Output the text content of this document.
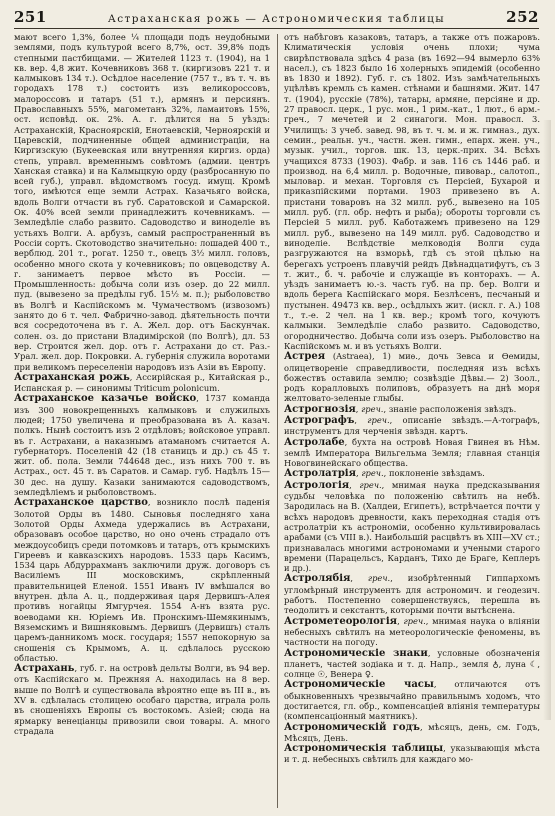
251	Астраханская рожь — Астрономическия таблицы	252

мают всего 1,3%, более ¼ площади подъ неудобными землями, подъ культурой всего 8,7%, ост. 39,8% подъ степными пастбищами. — Жителей 1123 т. (1904), на 1 кв. вер. 4,8 жит. Кочевниковъ 368 т. (киргизовъ 221 т. и калмыковъ 134 т.). Осѣдлое население (757 т., въ т. ч. въ городахъ 178 т.) состоитъ изъ великороссовъ, малороссовъ и татаръ (51 т.), армянъ и персиянъ. Православныхъ 55%, магометанъ 32%, ламаитовъ 15%, ост. исповѣд. ок. 2%. А. г. дѣлится на 5 уѣздъ: Астраханскій, Красноярскій, Енотаевскій, Черноярскій и Царевскій, подчиненные общей администраціи, на Киргизскую (Букеевская или внутренняя киргиз. орда) степь, управл. временнымъ совѣтомъ (адмии. центръ Ханская ставка) и на Калмыцкую орду (разбросанную по всей губ.), управл. вѣдомствомъ госуд. имущ. Кромѣ того, имѣются еще земли Астрах. Казачьяго войска, вдоль Волги отчасти въ губ. Саратовской и Самарской. Ок. 40% всей земли принадлежитъ кочевникамъ. — Земледѣліе слабо развито. Садоводство и виноделіе въ устьяхъ Волги. А. арбузъ, самый распространенный въ Россіи сортъ. Скотоводство значительно: лошадей 400 т., верблюд. 201 т., рогат. 1250 т., овецъ 3½ милл. головъ, особенно много скота у кочевниковъ; по овцеводству А. г. занимаетъ первое мѣсто въ Россіи. — Промышленность: добыча соли изъ озер. до 22 милл. пуд. (вывезено за предѣлы губ. 15½ м. п.); рыболовство въ Волгѣ и Каспійскомъ м. Чумачествомъ (извозомъ) занято до 6 т. чел. Фабрично-завод. дѣятельность почти вся сосредоточена въ г. А. Жел. дор. отъ Баскунчак. солен. оз. до пристани Владимірской (по Волгѣ), дл. 53 вер. Строится жел. дор. отъ г. Астрахани до ст. Раз.-Урал. жел. дор. Покровки. А. губернія служила воротами при великомъ переселеніи народовъ изъ Азіи въ Европу.

Астраханская рожь, Ассирійская р., Китайская р., Испанская р. — синонимы Triticum polonicum.

Астраханское казачье войско, 1737 команда изъ 300 новокрещенныхъ калмыковъ и служилыхъ людей; 1750 увеличена и преобразована въ А. казач. полкъ. Нынѣ состоитъ изъ 2 отдѣловъ; войсковое управл. въ г. Астрахани, а наказнымъ атаманомъ считается А. губернаторъ. Поселеній 42 (18 станицъ и др.) съ 45 т. жит. об. пола. Земли 744648 дес., изъ нихъ 700 т. въ Астрах., ост. 45 т. въ Саратов. и Самар. губ. Надѣлъ 15—30 дес. на душу. Казаки занимаются садоводствомъ, земледѣліемъ и рыболовствомъ.

Астраханское царство, возникло послѣ паденія Золотой Орды въ 1480. Сыновья последняго хана Золотой Орды Ахмеда удержались въ Астрахани, образовавъ особое царство, но оно очень страдало отъ междоусобицъ среди потомковъ и татаръ, отъ крымскихъ Гиреевъ и кавказскихъ народовъ. 1533 царь Касимъ, 1534 царь Абдуррахманъ заключили друж. договоръ съ Василіемъ III московскимъ, скрѣпленный правительницей Еленой. 1551 Иванъ IV вмѣшался во внутрен. дѣла А. ц., поддерживая царя Дервишъ-Алея противъ ногайцы Ямгурчея. 1554 А-нъ взята рус. воеводами кн. Юріемъ Ив. Пронскимъ-Шемякинымъ, Вяземскимъ и Вишняковымъ. Дервишъ (Дервишъ) сталъ царемъ-данникомъ моск. государя; 1557 непокорную за сношенія съ Крымомъ, А. ц. сдѣлалось русскою областью.

Астрахань, губ. г. на островѣ дельты Волги, въ 94 вер. отъ Каспійскаго м. Прежняя А. находилась на 8 вер. выше по Волгѣ и существовала вѣроятно еще въ III в., въ XV в. сдѣлалась столицею особаго царства, играла роль въ сношеніяхъ Европы съ востокомъ. Азіей; сюда на ярмарку венеціанцы привозили свои товары. А. много страдала

отъ набѣговъ казаковъ, татаръ, а также отъ пожаровъ. Климатическія условія очень плохи; чума свирѣпствовала здѣсь 4 раза (въ 1692—94 вымерло 63% насел.), съ 1823 было 16 холерныхъ эпидемій (особенно въ 1830 и 1892). Губ. г. съ 1802. Изъ замѣчательныхъ уцѣлѣвъ кремль съ камен. стѣнами и башнями. Жит. 147 т. (1904), русскіе (78%), татары, армяне, персіяне и др. 27 правосл. церк., 1 рус. мон., 1 рим.-кат., 1 лют., 6 арм.-греч., 7 мечетей и 2 синагоги. Мон. правосл. 3. Училищъ: 3 учеб. завед. 98, въ т. ч. м. и ж. гимназ., дух. семин., реальн. уч., частн. жен. гимн., епарх. жен. уч., музык. учил., торгов. шк. 13, церк.-прих. 34. Всѣхъ учащихся 8733 (1903). Фабр. и зав. 116 съ 1446 раб. и производ. на 6,4 милл. р. Водочные, пивовар., салотоп., мыловар. и механ. Торговля съ Персіей, Бухарой и приказпійскими портами. 1903 привезено въ А. пристани товаровъ на 32 милл. руб., вывезено на 105 милл. руб. (гл. обр. нефть и рыба); обороты торговли съ Персіей 5 милл. руб. Каботажемъ привезено на 129 милл. руб., вывезено на 149 милл. руб. Садоводство и виноделіе. Вслѣдствіе мелководія Волги суда разгружаются на взморьѣ, гдѣ съ этой цѣлью на берегахъ устроенъ плавучій рейдъ Двѣнадцатифутъ, съ 3 т. жит., б. ч. рабочіе и служащіе въ конторахъ. — А. уѣздъ занимаетъ ю.-з. часть губ. на пр. бер. Волги и вдоль берега Каспійскаго моря. Безлѣсенъ, песчаный и пустынен. 49473 кв. вер., осѣдлыхъ жит. (искл. г. А.) 108 т., т.-е. 2 чел. на 1 кв. вер.; кромѣ того, кочуютъ калмыки. Земледѣліе слабо развито. Садоводство, огородничество. Добыча соли изъ озеръ. Рыболовство на Каспійскомъ м. и въ устьяхъ Волги.

Астрея (Astraea), 1) миѳ., дочь Зевса и Ѳемиды, олицетвореніе справедливости, последняя изъ всѣхъ божествъ оставила землю; созвѣздіе Дѣвы.— 2) Зоол., родъ коралловыхъ полиповъ, образуетъ на днѣ моря желтовато-зеленые глыбы.

Астрогнозія, греч., знаніе расположенія звѣздъ.

Астрографъ, греч., описаніе звѣздъ.—А-тографъ, инструментъ для черченія звѣздн. картъ.

Астролабе, бухта на островѣ Новая Гвинея въ Нѣм. землѣ Императора Вильгельма Земля; главная станція Новогвинейскаго общества.

Астролатрія, греч., поклоненіе звѣздамъ.

Астрологія, греч., мнимая наука предсказывания судьбы человѣка по положенію свѣтилъ на небѣ. Зародилась на В. (Халдеи, Египетъ), встрѣчается почти у всѣхъ народовъ древности, какъ переходная стадія отъ астролатріи къ астрономіи, особенно культивировалась арабами (съ VIII в.). Наибольшій расцвѣтъ въ XIII—XV ст.; признавалась многими астрономами и учеными старого времени (Парацельсъ, Карданъ, Тихо де Браге, Кеплеръ и др.).

Астролябія, греч., изобрѣтенный Гиппархомъ угломѣрный инструментъ для астрономич. и геодезич. работъ. Постепенно совершенствуясь, перешла въ теодолитъ и секстантъ, которыми почти вытѣснена.

Астрометеорологія, греч., мнимая наука о вліяніи небесныхъ свѣтилъ на метеорологическіе феномены, въ частности на погоду.

Астрономическіе знаки, условные обозначенія планетъ, частей зодіака и т. д. Напр., земля ♁, луна ☾, солнце ☉, Венера ♀.

Астрономическіе часы, отличаются отъ обыкновенныхъ чрезвычайно правильнымъ ходомъ, что достигается, гл. обр., компенсаціей вліянія температуры (компенсаціонный маятникъ).

Астрономическій годъ, мѣсяцъ, день, см. Годъ, Мѣсяцъ, День.

Астрономическія таблицы, указывающія мѣста и т. д. небесныхъ свѣтилъ для каждаго мо-
